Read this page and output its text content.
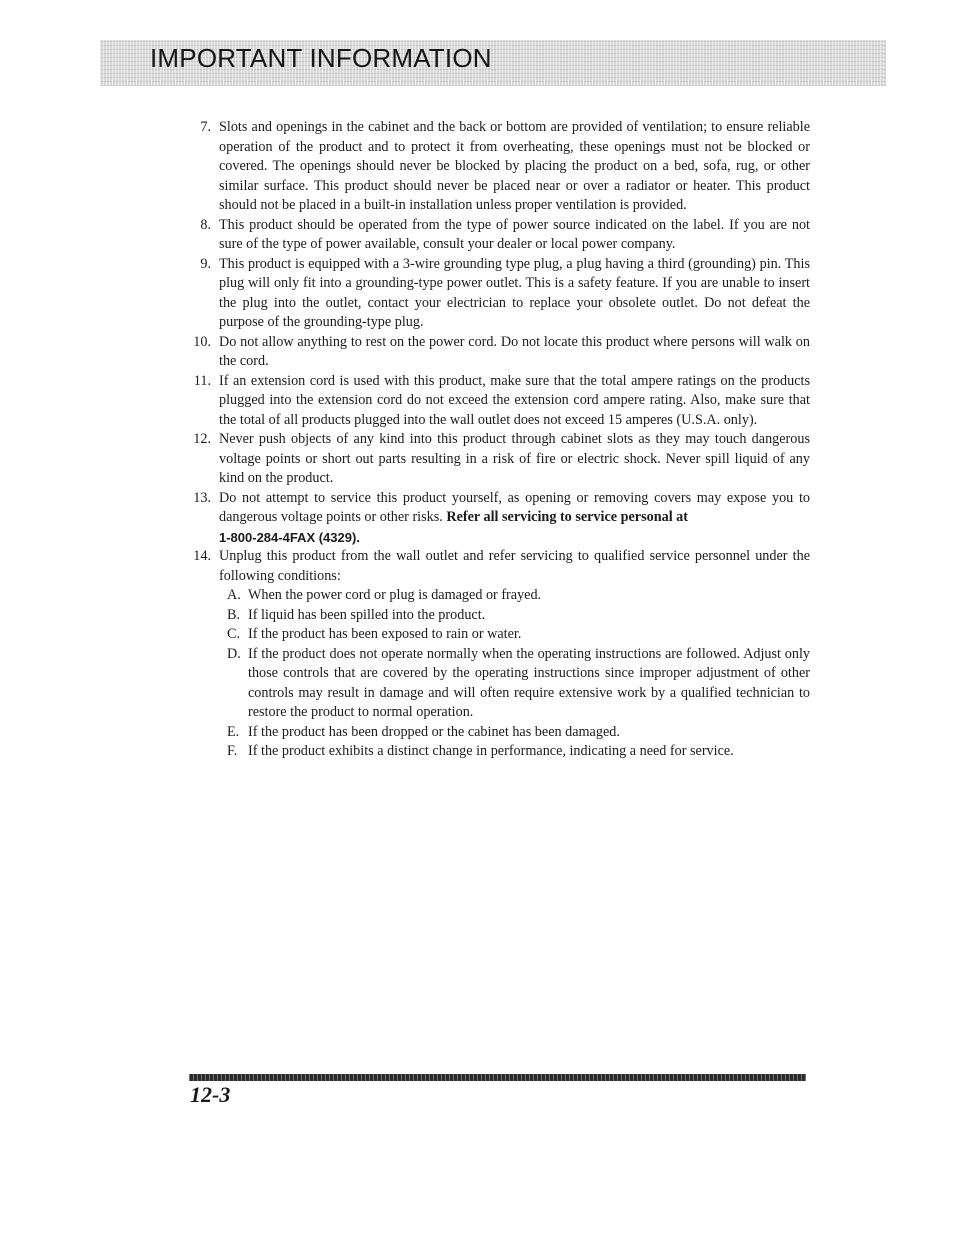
IMPORTANT INFORMATION
7. Slots and openings in the cabinet and the back or bottom are provided of ventilation; to ensure reliable operation of the product and to protect it from overheating, these openings must not be blocked or covered. The openings should never be blocked by placing the product on a bed, sofa, rug, or other similar surface. This product should never be placed near or over a radiator or heater. This product should not be placed in a built-in installation unless proper ventilation is provided.
8. This product should be operated from the type of power source indicated on the label. If you are not sure of the type of power available, consult your dealer or local power company.
9. This product is equipped with a 3-wire grounding type plug, a plug having a third (grounding) pin. This plug will only fit into a grounding-type power outlet. This is a safety feature. If you are unable to insert the plug into the outlet, contact your electrician to replace your obsolete outlet. Do not defeat the purpose of the grounding-type plug.
10. Do not allow anything to rest on the power cord. Do not locate this product where persons will walk on the cord.
11. If an extension cord is used with this product, make sure that the total ampere ratings on the products plugged into the extension cord do not exceed the extension cord ampere rating. Also, make sure that the total of all products plugged into the wall outlet does not exceed 15 amperes (U.S.A. only).
12. Never push objects of any kind into this product through cabinet slots as they may touch dangerous voltage points or short out parts resulting in a risk of fire or electric shock. Never spill liquid of any kind on the product.
13. Do not attempt to service this product yourself, as opening or removing covers may expose you to dangerous voltage points or other risks. Refer all servicing to service personal at
1-800-284-4FAX (4329).
14. Unplug this product from the wall outlet and refer servicing to qualified service personnel under the following conditions:
A. When the power cord or plug is damaged or frayed.
B. If liquid has been spilled into the product.
C. If the product has been exposed to rain or water.
D. If the product does not operate normally when the operating instructions are followed. Adjust only those controls that are covered by the operating instructions since improper adjustment of other controls may result in damage and will often require extensive work by a qualified technician to restore the product to normal operation.
E. If the product has been dropped or the cabinet has been damaged.
F. If the product exhibits a distinct change in performance, indicating a need for service.
12-3
